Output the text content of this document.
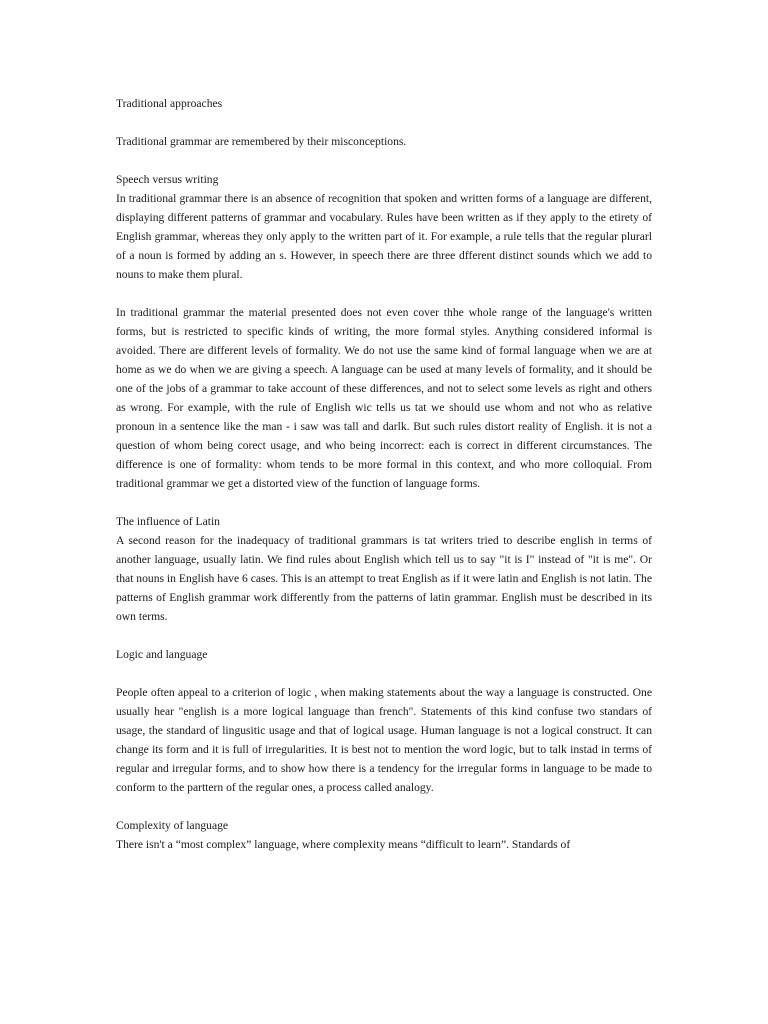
Traditional approaches

Traditional grammar are remembered by their misconceptions.

Speech versus writing

In traditional grammar there is an absence of recognition that spoken and written forms of a language are different, displaying different patterns of grammar and vocabulary. Rules have been written as if they apply to the etirety of English grammar, whereas they only apply to the written part of it. For example, a rule tells that the regular plurarl of a noun is formed by adding an s. However, in speech there are three dfferent distinct sounds which we add to nouns to make them plural.

In traditional grammar the material presented does not even cover thhe whole range of the language's written forms, but is restricted to specific kinds of writing, the more formal styles. Anything considered informal is avoided. There are different levels of formality. We do not use the same kind of formal language when we are at home as we do when we are giving a speech. A language can be used at many levels of formality, and it should be one of the jobs of a grammar to take account of these differences, and not to select some levels as right and others as wrong. For example, with the rule of English wic tells us tat we should use whom and not who as relative pronoun in a sentence like the man - i saw was tall and darlk. But such rules distort reality of English. it is not a question of whom being corect usage, and who being incorrect: each is correct in different circumstances. The difference is one of formality: whom tends to be more formal in this context, and who more colloquial. From traditional grammar we get a distorted view of the function of language forms.

The influence of Latin

A second reason for the inadequacy of traditional grammars is tat writers tried to describe english in terms of another language, usually latin. We find rules about English which tell us to say "it is I" instead of "it is me". Or that nouns in English have 6 cases. This is an attempt to treat English as if it were latin and English is not latin. The patterns of English grammar work differently from the patterns of latin grammar. English must be described in its own terms.

Logic and language

People often appeal to a criterion of logic , when making statements about the way a language is constructed. One usually hear "english is a more logical language than french". Statements of this kind confuse two standars of usage, the standard of lingusitic usage and that of logical usage. Human language is not a logical construct. It can change its form and it is full of irregularities. It is best not to mention the word logic, but to talk instad in terms of regular and irregular forms, and to show how there is a tendency for the irregular forms in language to be made to conform to the parttern of the regular ones, a process called analogy.

Complexity of language

There isn't a “most complex” language, where complexity means “difficult to learn”. Standards of
